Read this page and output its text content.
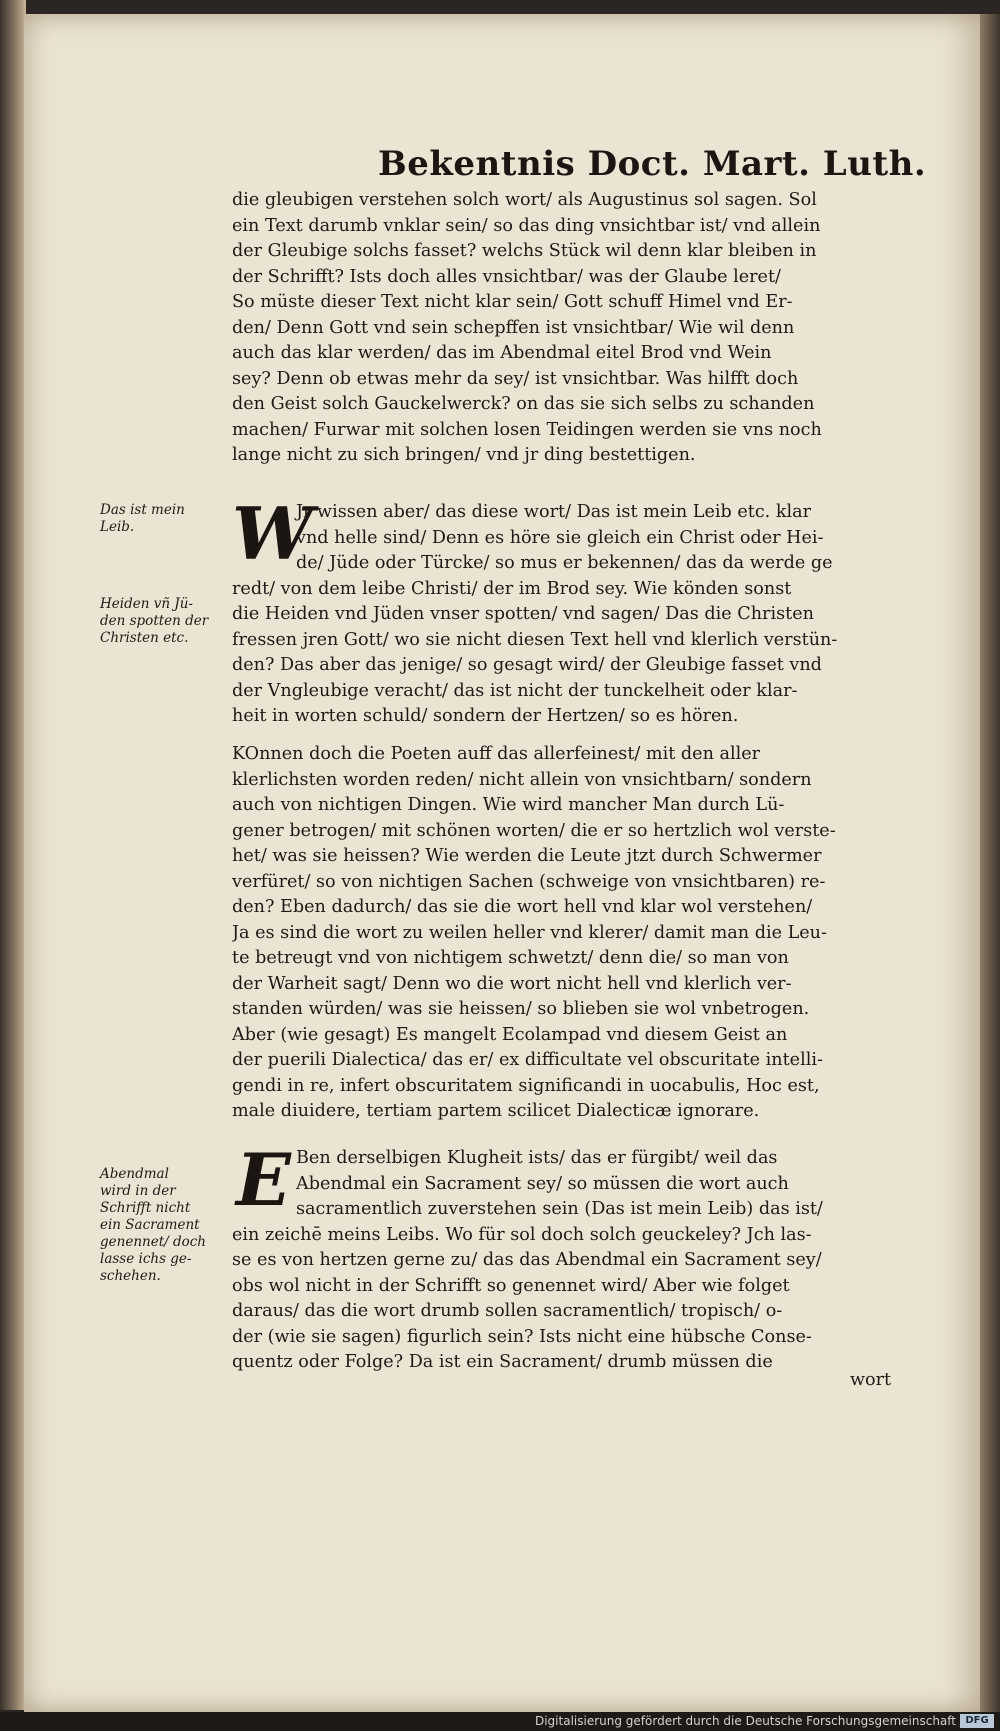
Bekentnis Doct. Mart. Luth.
die gleubigen verstehen solch wort/ als Augustinus sol sagen. Sol
ein Text darumb vnklar sein/ so das ding vnsichtbar ist/ vnd allein
der Gleubige solchs fasset? welchs Stück wil denn klar bleiben in
der Schrifft? Ists doch alles vnsichtbar/ was der Glaube leret/
So müste dieser Text nicht klar sein/ Gott schuff Himel vnd Er-
den/ Denn Gott vnd sein schepffen ist vnsichtbar/ Wie wil denn
auch das klar werden/ das im Abendmal eitel Brod vnd Wein
sey? Denn ob etwas mehr da sey/ ist vnsichtbar. Was hilfft doch
den Geist solch Gauckelwerck? on das sie sich selbs zu schanden
machen/ Furwar mit solchen losen Teidingen werden sie vns noch
lange nicht zu sich bringen/ vnd jr ding bestettigen.
W
Jr wissen aber/ das diese wort/ Das ist mein Leib etc. klar
vnd helle sind/ Denn es höre sie gleich ein Christ oder Hei-
de/ Jüde oder Türcke/ so mus er bekennen/ das da werde ge
redt/ von dem leibe Christi/ der im Brod sey. Wie könden sonst
die Heiden vnd Jüden vnser spotten/ vnd sagen/ Das die Christen
fressen jren Gott/ wo sie nicht diesen Text hell vnd klerlich verstün-
den? Das aber das jenige/ so gesagt wird/ der Gleubige fasset vnd
der Vngleubige veracht/ das ist nicht der tunckelheit oder klar-
heit in worten schuld/ sondern der Hertzen/ so es hören.
KOnnen doch die Poeten auff das allerfeinest/ mit den aller
klerlichsten worden reden/ nicht allein von vnsichtbarn/ sondern
auch von nichtigen Dingen. Wie wird mancher Man durch Lü-
gener betrogen/ mit schönen worten/ die er so hertzlich wol verste-
het/ was sie heissen? Wie werden die Leute jtzt durch Schwermer
verfüret/ so von nichtigen Sachen (schweige von vnsichtbaren) re-
den? Eben dadurch/ das sie die wort hell vnd klar wol verstehen/
Ja es sind die wort zu weilen heller vnd klerer/ damit man die Leu-
te betreugt vnd von nichtigem schwetzt/ denn die/ so man von
der Warheit sagt/ Denn wo die wort nicht hell vnd klerlich ver-
standen würden/ was sie heissen/ so blieben sie wol vnbetrogen.
Aber (wie gesagt) Es mangelt Ecolampad vnd diesem Geist an
der puerili Dialectica/ das er/ ex difficultate vel obscuritate intelli-
gendi in re, infert obscuritatem significandi in uocabulis, Hoc est,
male diuidere, tertiam partem scilicet Dialecticæ ignorare.
E Ben derselbigen Klugheit ists/ das er fürgibt/ weil das
Abendmal ein Sacrament sey/ so müssen die wort auch
sacramentlich zuverstehen sein (Das ist mein Leib) das ist/
ein zeichē meins Leibs. Wo für sol doch solch geuckeley? Jch las-
se es von hertzen gerne zu/ das das Abendmal ein Sacrament sey/
obs wol nicht in der Schrifft so genennet wird/ Aber wie folget
daraus/ das die wort drumb sollen sacramentlich/ tropisch/ o-
der (wie sie sagen) figurlich sein? Ists nicht eine hübsche Conse-
quentz oder Folge? Da ist ein Sacrament/ drumb müssen die
wort
Das ist mein
Leib.
Heiden vñ Jü-
den spotten der
Christen etc.
Abendmal
wird in der
Schrifft nicht
ein Sacrament
genennet/ doch
lasse ichs ge-
schehen.
Digitalisierung gefördert durch die Deutsche Forschungsgemeinschaft DFG
